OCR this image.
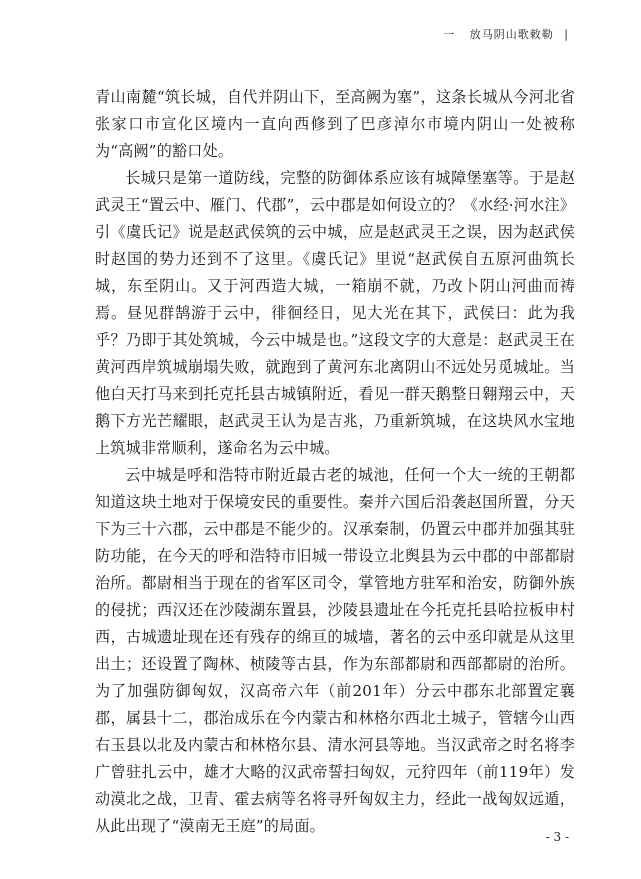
一 放马阴山歌敕勒 |

青山南麓“筑长城，自代并阴山下，至高阙为塞”，这条长城从今河北省张家口市宣化区境内一直向西修到了巴彦淖尔市境内阴山一处被称为“高阙”的豁口处。

长城只是第一道防线，完整的防御体系应该有城障堡塞等。于是赵武灵王“置云中、雁门、代郡”，云中郡是如何设立的？《水经·河水注》引《虞氏记》说是赵武侯筑的云中城，应是赵武灵王之误，因为赵武侯时赵国的势力还到不了这里。《虞氏记》里说“赵武侯自五原河曲筑长城，东至阴山。又于河西造大城，一箱崩不就，乃改卜阴山河曲而祷焉。昼见群鹄游于云中，徘徊经日，见大光在其下，武侯曰：此为我乎？乃即于其处筑城，今云中城是也。”这段文字的大意是：赵武灵王在黄河西岸筑城崩塌失败，就跑到了黄河东北离阴山不远处另觅城址。当他白天打马来到托克托县古城镇附近，看见一群天鹅整日翱翔云中，天鹅下方光芒耀眼，赵武灵王认为是吉兆，乃重新筑城，在这块风水宝地上筑城非常顺利，遂命名为云中城。

云中城是呼和浩特市附近最古老的城池，任何一个大一统的王朝都知道这块土地对于保境安民的重要性。秦并六国后沿袭赵国所置，分天下为三十六郡，云中郡是不能少的。汉承秦制，仍置云中郡并加强其驻防功能，在今天的呼和浩特市旧城一带设立北舆县为云中郡的中部都尉治所。都尉相当于现在的省军区司令，掌管地方驻军和治安，防御外族的侵扰；西汉还在沙陵湖东置县，沙陵县遗址在今托克托县哈拉板申村西，古城遗址现在还有残存的绵亘的城墙，著名的云中丞印就是从这里出土；还设置了陶林、桢陵等古县，作为东部都尉和西部都尉的治所。为了加强防御匈奴，汉高帝六年（前201年）分云中郡东北部置定襄郡，属县十二，郡治成乐在今内蒙古和林格尔西北土城子，管辖今山西右玉县以北及内蒙古和林格尔县、清水河县等地。当汉武帝之时名将李广曾驻扎云中，雄才大略的汉武帝誓扫匈奴，元狩四年（前119年）发动漠北之战，卫青、霍去病等名将寻歼匈奴主力，经此一战匈奴远遁，从此出现了“漠南无王庭”的局面。

- 3 -
